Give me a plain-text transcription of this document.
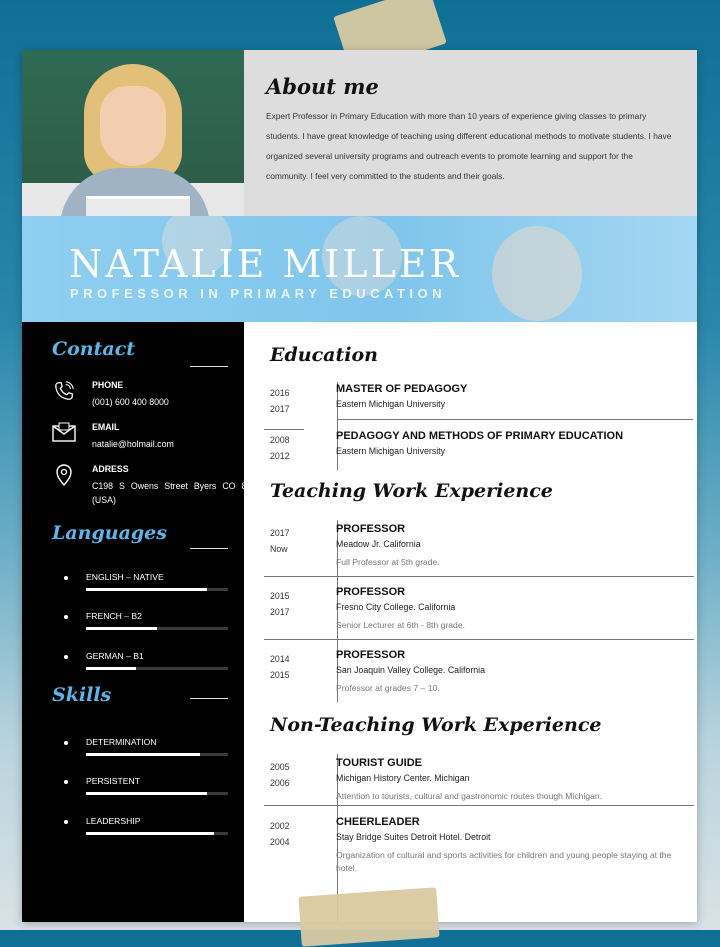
About me

Expert Professor in Primary Education with more than 10 years of experience giving classes to primary students. I have great knowledge of teaching using different educational methods to motivate students. I have organized several university programs and outreach events to promote learning and support for the community. I feel very committed to the students and their goals.

NATALIE MILLER

PROFESSOR IN PRIMARY EDUCATION

Contact
PHONE
(001) 600 400 8000
EMAIL
natalie@holmail.com
ADRESS
C198 S Owens Street Byers CO 80103 (USA)
Languages
ENGLISH – NATIVE
FRENCH – B2
GERMAN – B1
Skills
DETERMINATION
PERSISTENT
LEADERSHIP
Education
2016
2017
MASTER OF PEDAGOGY
Eastern Michigan University
2008
2012
PEDAGOGY AND METHODS OF PRIMARY EDUCATION
Eastern Michigan University
Teaching Work Experience
2017
Now
PROFESSOR
Meadow Jr. California
Full Professor at 5th grade.
2015
2017
PROFESSOR
Fresno City College. California
Senior Lecturer at 6th - 8th grade.
2014
2015
PROFESSOR
San Joaquin Valley College. California
Professor at grades 7 – 10.
Non-Teaching Work Experience
2005
2006
TOURIST GUIDE
Michigan History Center. Michigan
Attention to tourists, cultural and gastronomic routes though Michigan.
2002
2004
CHEERLEADER
Stay Bridge Suites Detroit Hotel. Detroit
Organization of cultural and sports activities for children and young people staying at the hotel.
